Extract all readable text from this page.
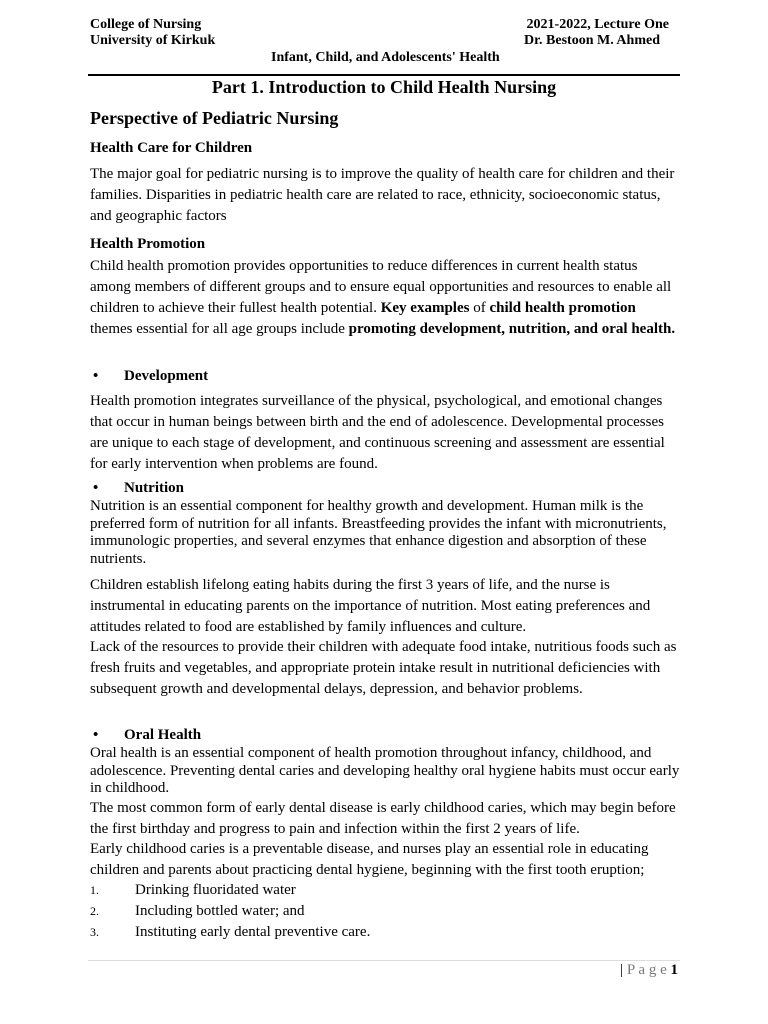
College of Nursing
University of Kirkuk
2021-2022, Lecture One
Dr. Bestoon M. Ahmed
Infant, Child, and Adolescents' Health
Part 1. Introduction to Child Health Nursing
Perspective of Pediatric Nursing
Health Care for Children
The major goal for pediatric nursing is to improve the quality of health care for children and their families. Disparities in pediatric health care are related to race, ethnicity, socioeconomic status, and geographic factors
Health Promotion
Child health promotion provides opportunities to reduce differences in current health status among members of different groups and to ensure equal opportunities and resources to enable all children to achieve their fullest health potential. Key examples of child health promotion themes essential for all age groups include promoting development, nutrition, and oral health.
• Development
Health promotion integrates surveillance of the physical, psychological, and emotional changes that occur in human beings between birth and the end of adolescence. Developmental processes are unique to each stage of development, and continuous screening and assessment are essential for early intervention when problems are found.
• Nutrition
Nutrition is an essential component for healthy growth and development. Human milk is the preferred form of nutrition for all infants. Breastfeeding provides the infant with micronutrients, immunologic properties, and several enzymes that enhance digestion and absorption of these nutrients.
Children establish lifelong eating habits during the first 3 years of life, and the nurse is instrumental in educating parents on the importance of nutrition. Most eating preferences and attitudes related to food are established by family influences and culture.
Lack of the resources to provide their children with adequate food intake, nutritious foods such as fresh fruits and vegetables, and appropriate protein intake result in nutritional deficiencies with subsequent growth and developmental delays, depression, and behavior problems.
• Oral Health
Oral health is an essential component of health promotion throughout infancy, childhood, and adolescence. Preventing dental caries and developing healthy oral hygiene habits must occur early in childhood.
The most common form of early dental disease is early childhood caries, which may begin before the first birthday and progress to pain and infection within the first 2 years of life.
Early childhood caries is a preventable disease, and nurses play an essential role in educating children and parents about practicing dental hygiene, beginning with the first tooth eruption;
1. Drinking fluoridated water
2. Including bottled water; and
3. Instituting early dental preventive care.
| P a g e 1
